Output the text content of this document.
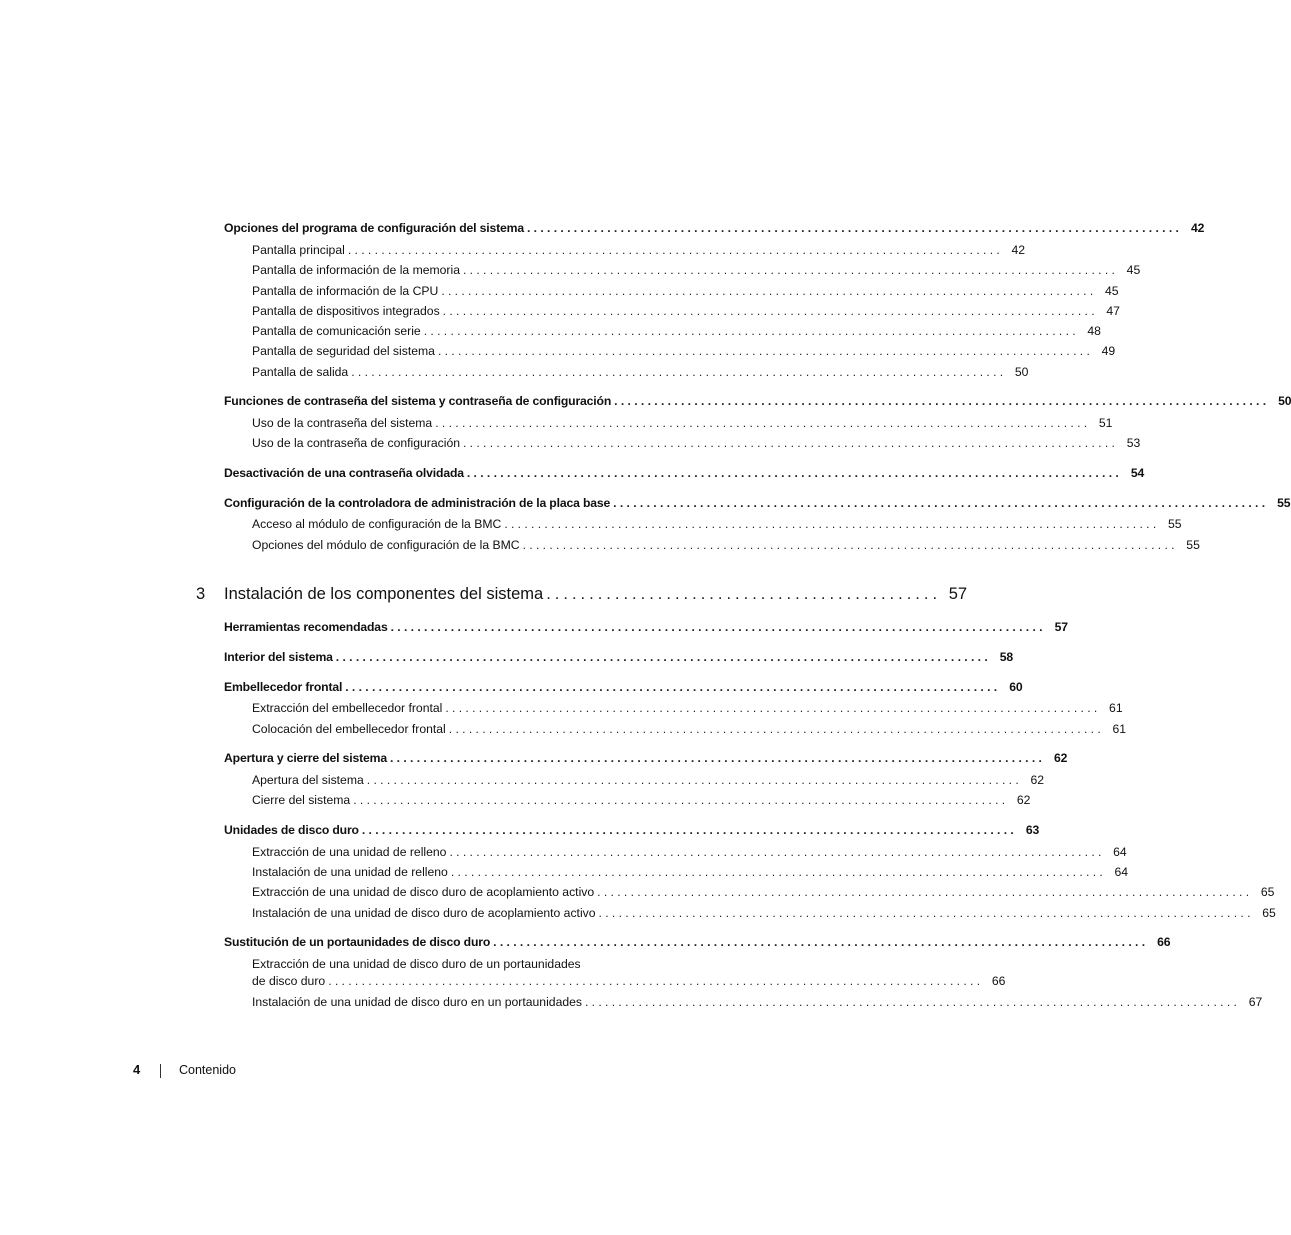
Opciones del programa de configuración del sistema .................................................................................................. 42
Pantalla principal .................................................................................................. 42
Pantalla de información de la memoria .................................................................................................. 45
Pantalla de información de la CPU .................................................................................................. 45
Pantalla de dispositivos integrados .................................................................................................. 47
Pantalla de comunicación serie .................................................................................................. 48
Pantalla de seguridad del sistema .................................................................................................. 49
Pantalla de salida .................................................................................................. 50
Funciones de contraseña del sistema y contraseña de configuración .................................................................................................. 50
Uso de la contraseña del sistema .................................................................................................. 51
Uso de la contraseña de configuración .................................................................................................. 53
Desactivación de una contraseña olvidada .................................................................................................. 54
Configuración de la controladora de administración de la placa base .................................................................................................. 55
Acceso al módulo de configuración de la BMC .................................................................................................. 55
Opciones del módulo de configuración de la BMC .................................................................................................. 55
3	Instalación de los componentes del sistema .............................................. 57
Herramientas recomendadas .................................................................................................. 57
Interior del sistema .................................................................................................. 58
Embellecedor frontal .................................................................................................. 60
Extracción del embellecedor frontal .................................................................................................. 61
Colocación del embellecedor frontal .................................................................................................. 61
Apertura y cierre del sistema .................................................................................................. 62
Apertura del sistema .................................................................................................. 62
Cierre del sistema .................................................................................................. 62
Unidades de disco duro .................................................................................................. 63
Extracción de una unidad de relleno .................................................................................................. 64
Instalación de una unidad de relleno .................................................................................................. 64
Extracción de una unidad de disco duro de acoplamiento activo .................................................................................................. 65
Instalación de una unidad de disco duro de acoplamiento activo .................................................................................................. 65
Sustitución de un portaunidades de disco duro .................................................................................................. 66
Extracción de una unidad de disco duro de un portaunidades
de disco duro .................................................................................................. 66
Instalación de una unidad de disco duro en un portaunidades .................................................................................................. 67
4	Contenido
